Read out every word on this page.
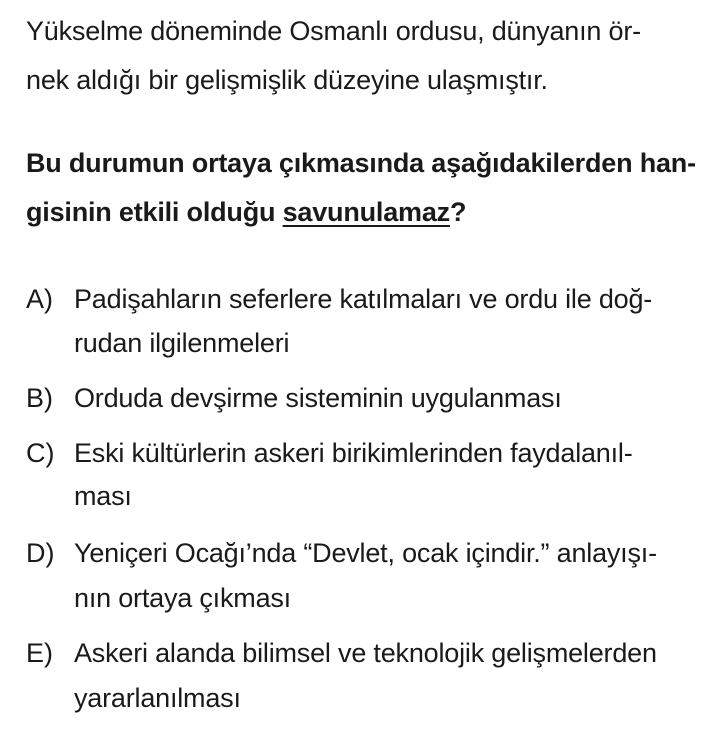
Yükselme döneminde Osmanlı ordusu, dünyanın ör-
nek aldığı bir gelişmişlik düzeyine ulaşmıştır.
Bu durumun ortaya çıkmasında aşağıdakilerden han-
gisinin etkili olduğu savunulamaz?
A) Padişahların seferlere katılmaları ve ordu ile doğ-
rudan ilgilenmeleri
B) Orduda devşirme sisteminin uygulanması
C) Eski kültürlerin askeri birikimlerinden faydalanıl-
ması
D) Yeniçeri Ocağı’nda “Devlet, ocak içindir.” anlayışı-
nın ortaya çıkması
E) Askeri alanda bilimsel ve teknolojik gelişmelerden
yararlanılması
